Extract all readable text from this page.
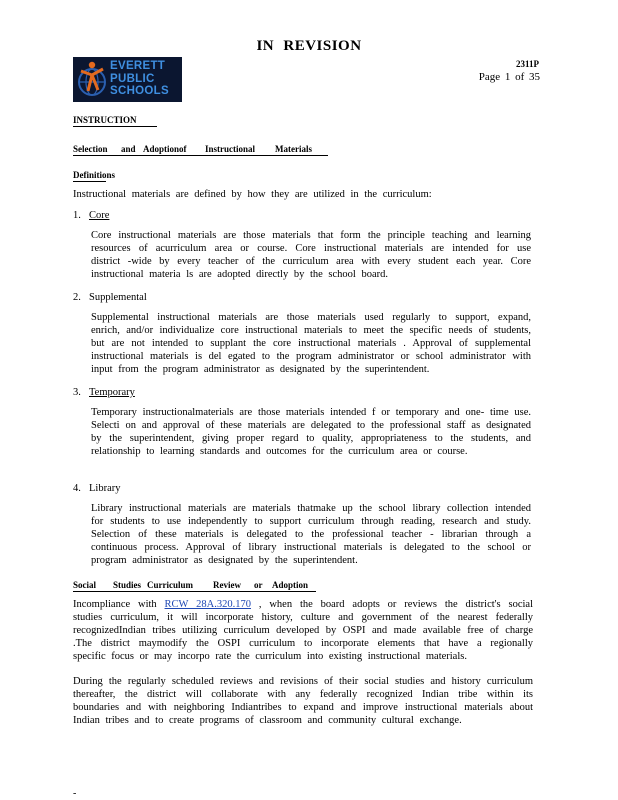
IN REVISION
EVERETT
PUBLIC
SCHOOLS
2311P
Page 1 of 35
INSTRUCTION
Selection and Adoptionof Instructional Materials

Definitions
Instructional materials are defined by how they are utilized in the curriculum:
1. Core
Core instructional materials are those materials that form the principle teaching and learning resources of acurriculum area or course. Core instructional materials are intended for use district -wide by every teacher of the curriculum area with every student each year. Core instructional materia ls are adopted directly by the school board.
2. Supplemental
Supplemental instructional materials are those materials used regularly to support, expand, enrich, and/or individualize core instructional materials to meet the specific needs of students, but are not intended to supplant the core instructional materials . Approval of supplemental instructional materials is del egated to the program administrator or school administrator with input from the program administrator as designated by the superintendent.
3. Temporary
Temporary instructionalmaterials are those materials intended f or temporary and one- time use. Selecti on and approval of these materials are delegated to the professional staff as designated by the superintendent, giving proper regard to quality, appropriateness to the students, and relationship to learning standards and outcomes for the curriculum area or course.
4. Library
Library instructional materials are materials thatmake up the school library collection intended for students to use independently to support curriculum through reading, research and study. Selection of these materials is delegated to the professional teacher - librarian through a continuous process. Approval of library instructional materials is delegated to the school or program administrator as designated by the superintendent.
Social Studies Curriculum Review or Adoption

Incompliance with RCW 28A.320.170 , when the board adopts or reviews the district's social studies curriculum, it will incorporate history, culture and government of the nearest federally recognizedIndian tribes utilizing curriculum developed by OSPI and made available free of charge .The district maymodify the OSPI curriculum to incorporate elements that have a regionally specific focus or may incorpo rate the curriculum into existing instructional materials.
During the regularly scheduled reviews and revisions of their social studies and history curriculum thereafter, the district will collaborate with any federally recognized Indian tribe within its boundaries and with neighboring Indiantribes to expand and improve instructional materials about Indian tribes and to create programs of classroom and community cultural exchange.
-
